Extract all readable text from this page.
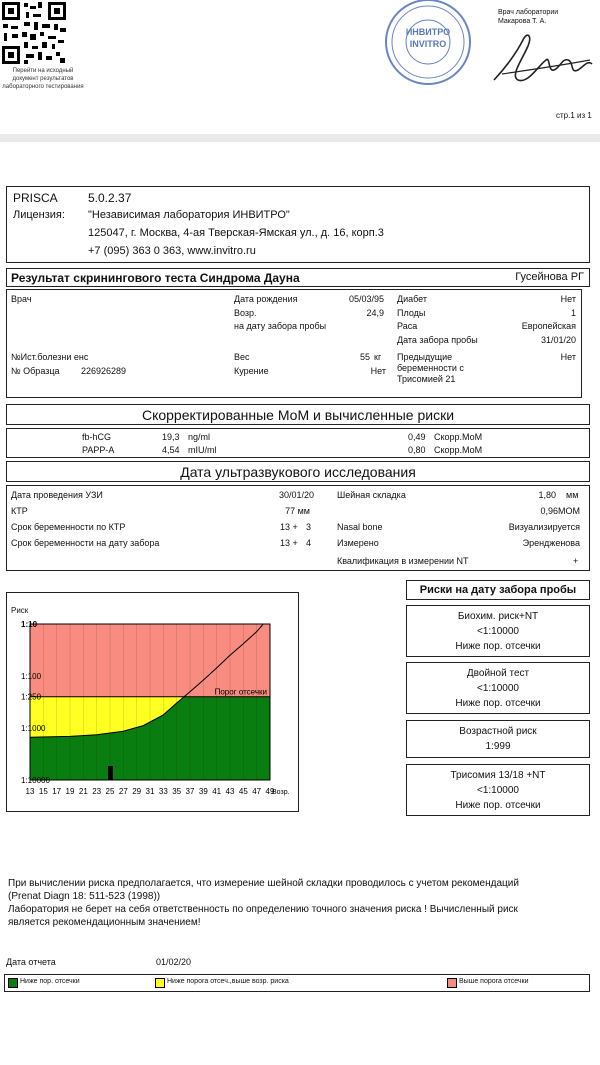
Перейти на исходный
документ результатов
лабораторного тестирования
ИНВИТРО
INVITRO
Врач лаборатории
Макарова Т. А.
стр.1 из 1
PRISCA	5.0.2.37
Лицензия: "Независимая лаборатория ИНВИТРО"
125047, г. Москва, 4-ая Тверская-Ямская ул., д. 16, корп.3
+7 (095) 363 0 363, www.invitro.ru
Результат скринингового теста Синдрома Дауна	Гусейнова РГ
Врач	Дата рождения	05/03/95
Возр.	24,9
на дату забора пробы
Диабет	Нет
Плоды	1
Раса	Европейская
Дата забора пробы	31/01/20
№Ист.болезни енс
№ Образца 226926289
Вес	55 кг
Курение	Нет
Предыдущие
беременности с
Трисомией 21
Нет
Скорректированные МоМ и вычисленные риски
fb-hCG	19,3 ng/ml	0,49 Скорр.МоМ
PAPP-A	4,54 mIU/ml	0,80 Скорр.МоМ
Дата ультразвукового исследования
Дата проведения УЗИ	30/01/20
КТР	77 мм
Срок беременности по КТР	13 + 3
Срок беременности на дату забора	13 + 4
Шейная складка	1,80 мм
0,96MOM
Nasal bone	Визуализируется
Измерено	Эрендженова
Квалификация в измерении NT	+
Риск
Порог отсечки
1:10
1:100
1:250
1:1000
1:10000
13 15 17 19 21 23 25 27 29 31 33 35 37 39 41 43 45 47 49
Возр.
Риски на дату забора пробы
Биохим. риск+NT
<1:10000
Ниже пор. отсечки
Двойной тест
<1:10000
Ниже пор. отсечки
Возрастной риск
1:999
Трисомия 13/18 +NT
<1:10000
Ниже пор. отсечки
При вычислении риска предполагается, что измерение шейной складки проводилось с учетом рекомендаций
(Prenat Diagn 18: 511-523 (1998))
Лаборатория не берет на себя ответственность по определению точного значения риска ! Вычисленный риск
является рекомендационным значением!
Дата отчета	01/02/20
Ниже пор. отсечки	Ниже порога отсеч.,выше возр. риска	Выше порога отсечки
